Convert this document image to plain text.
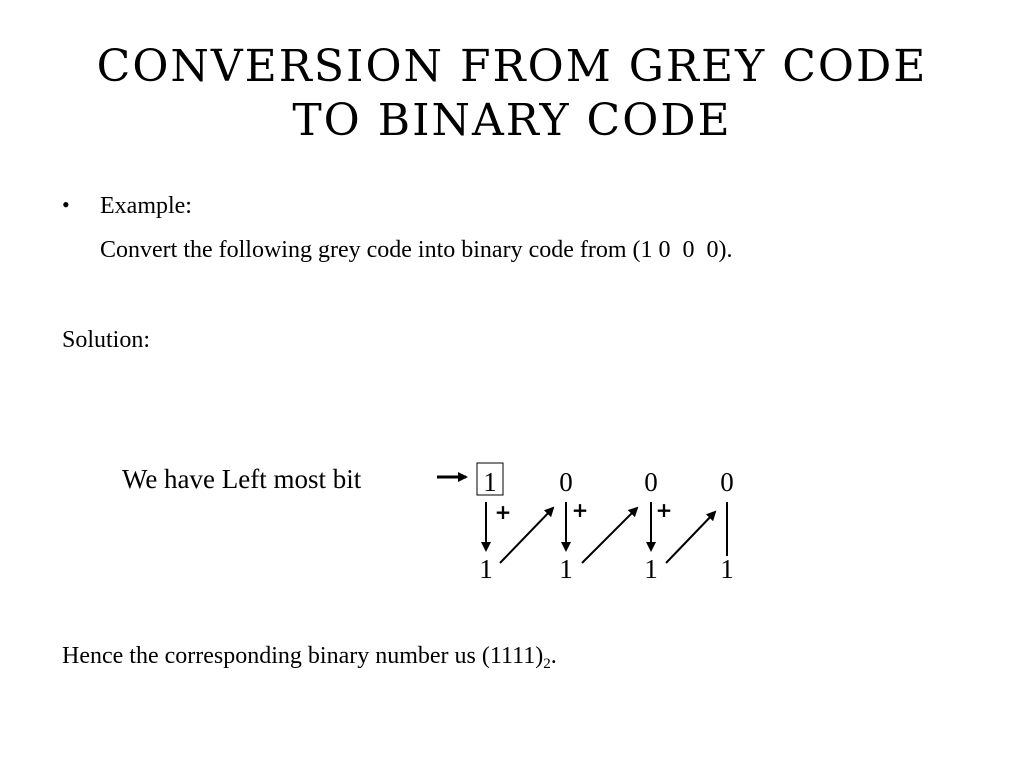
CONVERSION FROM GREY CODE TO BINARY CODE
• Example:
Convert the following grey code into binary code from (1 0  0  0).
Solution:
We have Left most bit	1 0	0 0
+	+	+
1 1	1 1
Hence the corresponding binary number us $(1111)_2$.
